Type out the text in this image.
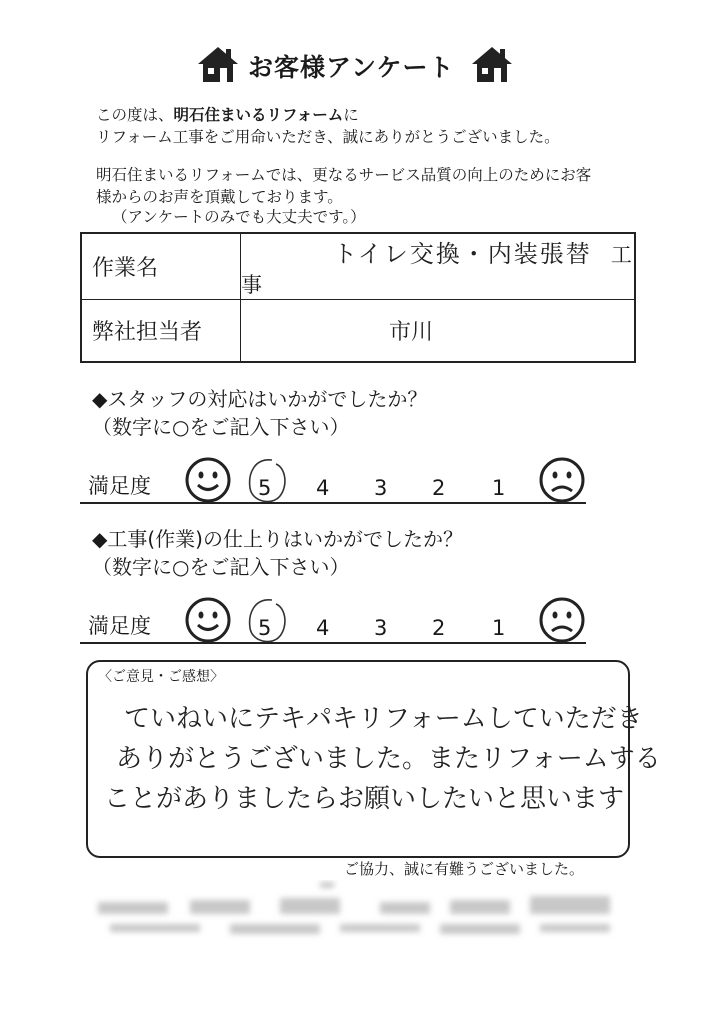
お客様アンケート
この度は、明石住まいるリフォームに
リフォーム工事をご用命いただき、誠にありがとうございました。
明石住まいるリフォームでは、更なるサービス品質の向上のためにお客
様からのお声を頂戴しております。
（アンケートのみでも大丈夫です。）
作業名	トイレ交換・内装張替 工事
弊社担当者	市川
◆スタッフの対応はいかがでしたか？
（数字に○をご記入下さい）
満足度	5 4 3 2 1
◆工事(作業)の仕上りはいかがでしたか？
（数字に○をご記入下さい）
満足度	5 4 3 2 1
〈ご意見・ご感想〉
ていねいにテキパキリフォームしていただき
ありがとうございました。またリフォームする
ことがありましたらお願いしたいと思います
ご協力、誠に有難うございました。
